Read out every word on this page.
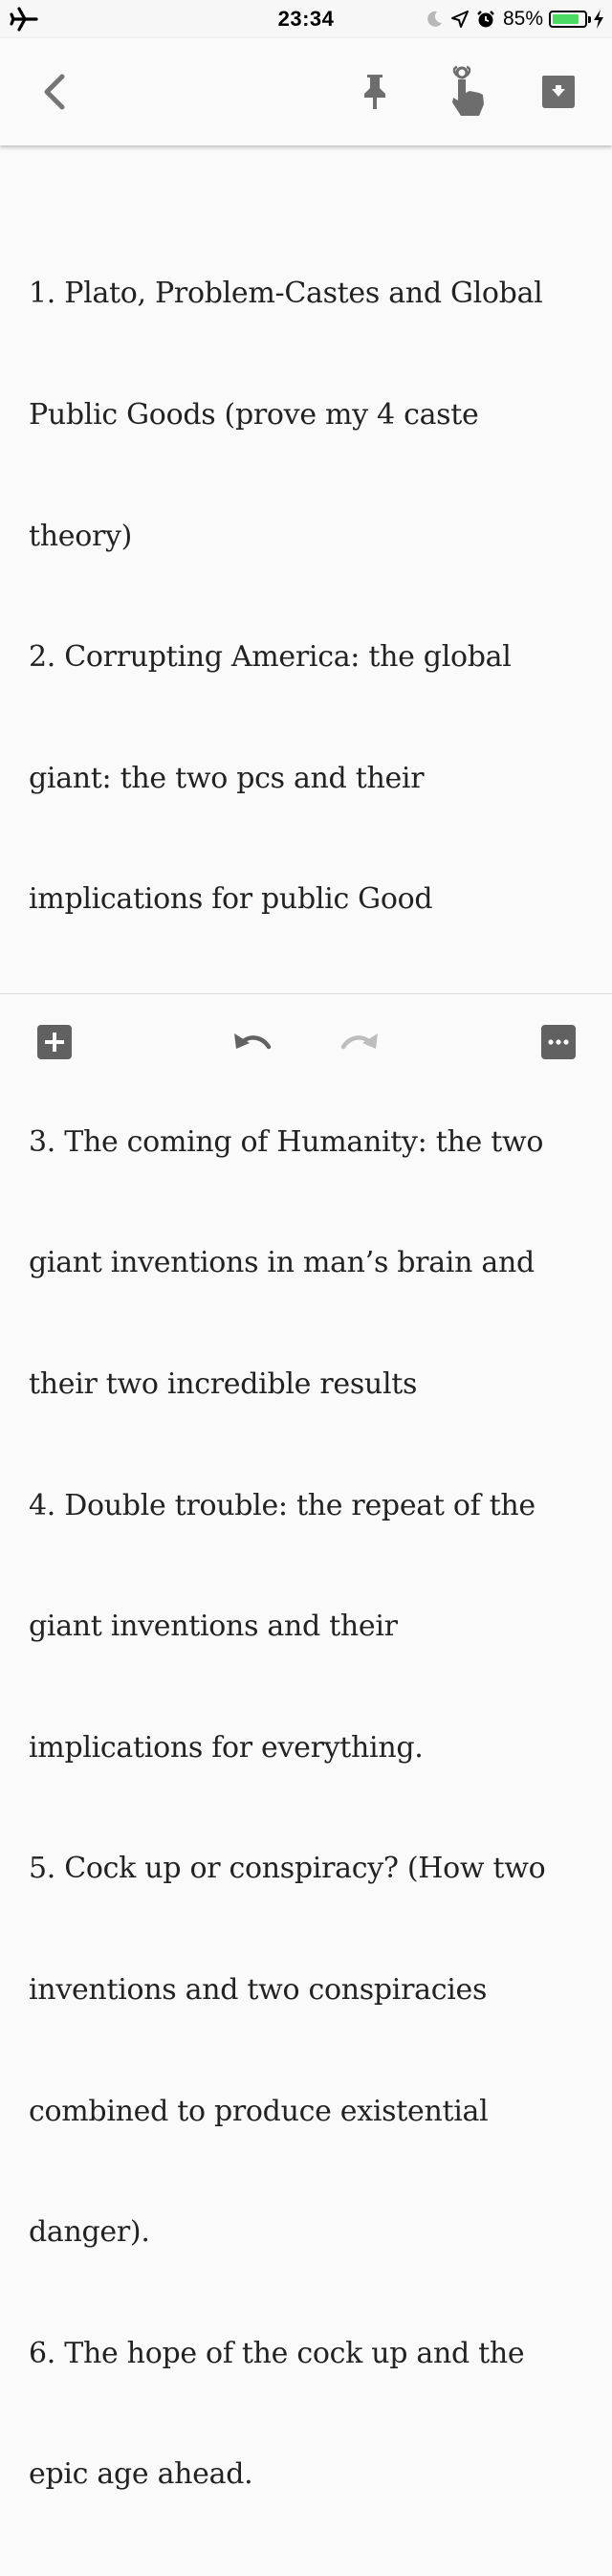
23:34	85%

1. Plato, Problem-Castes and Global

Public Goods (prove my 4 caste

theory)

2. Corrupting America: the global

giant: the two pcs and their

implications for public Good

3. The coming of Humanity: the two

giant inventions in man’s brain and

their two incredible results

4. Double trouble: the repeat of the

giant inventions and their

implications for everything.

5. Cock up or conspiracy? (How two

inventions and two conspiracies

combined to produce existential

danger).

6. The hope of the cock up and the

epic age ahead.
